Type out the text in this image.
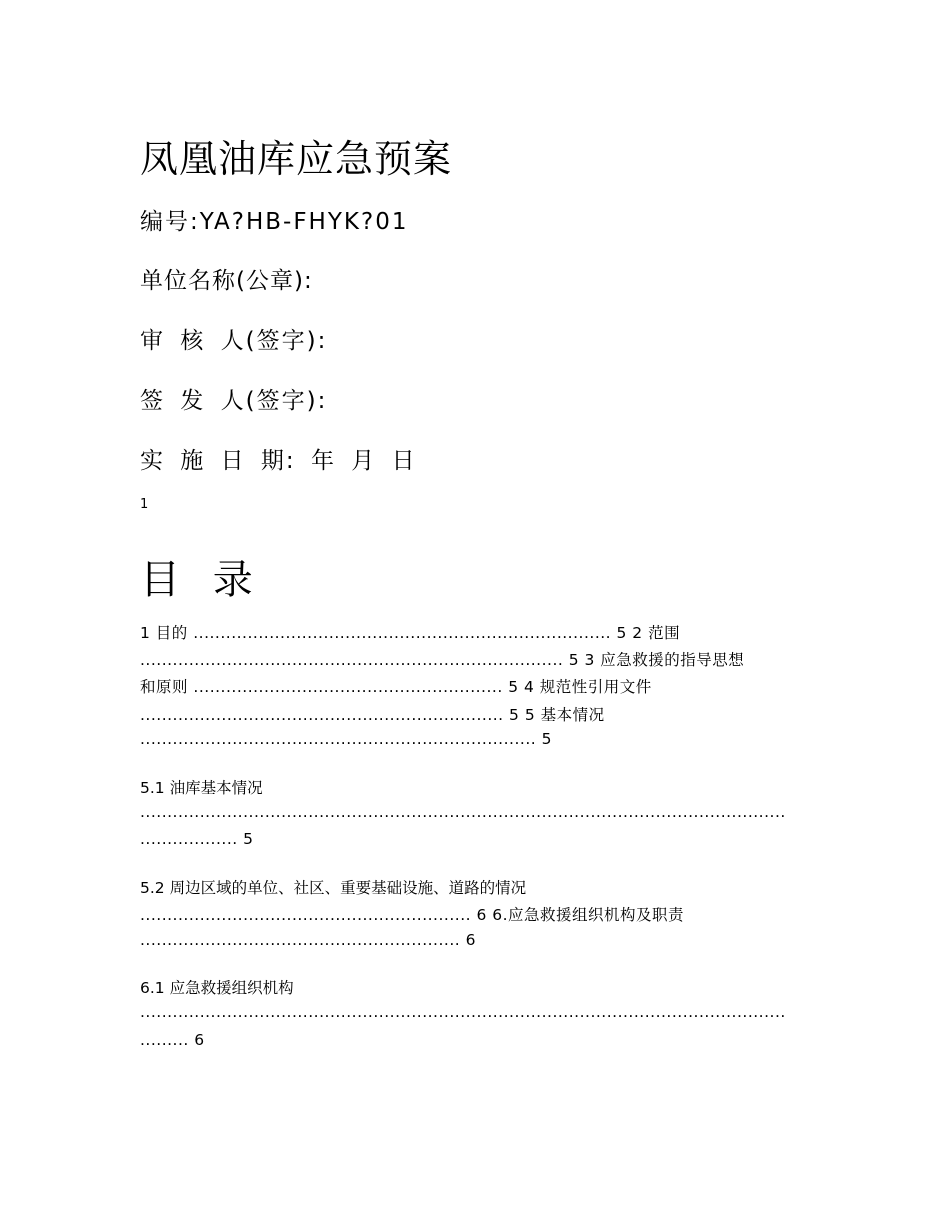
凤凰油库应急预案
编号:YA?HB-FHYK?01
单位名称(公章):
审 核 人(签字):
签 发 人(签字):
实 施 日 期: 年 月 日
1
目 录
1 目的 ............................................................................. 5 2 范围
.............................................................................. 5 3 应急救援的指导思想
和原则 ......................................................... 5 4 规范性引用文件
................................................................... 5 5 基本情况
......................................................................... 5
5.1 油库基本情况
.......................................................................................................................
.................. 5
5.2 周边区域的单位、社区、重要基础设施、道路的情况
............................................................. 6 6.应急救援组织机构及职责
........................................................... 6
6.1 应急救援组织机构
.......................................................................................................................
......... 6
